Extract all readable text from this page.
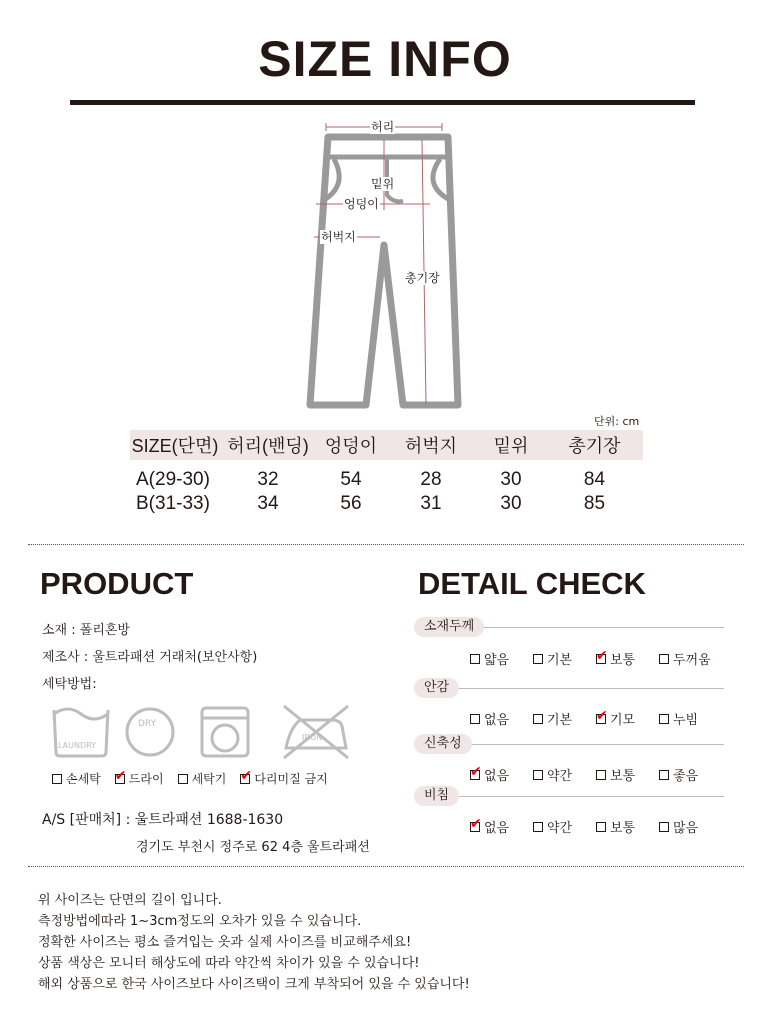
SIZE INFO
허리
밑위
엉덩이
허벅지
총기장
단위: cm
SIZE(단면) 허리(밴딩) 엉덩이	허벅지	밑위	총기장
A(29-30)	32	54	28	30	84
B(31-33)	34	56	31	30	85
PRODUCT
소재 : 폴리혼방
제조사 : 울트라패션 거래처(보안사항)
세탁방법:
LAUNDRY
DRY
IRON
손세탁 ✔ 드라이 세탁기 ✔ 다리미질 금지
A/S [판매처] : 울트라패션 1688-1630
경기도 부천시 정주로 62 4층 울트라패션
DETAIL CHECK
소재두께
얇음	기본 ✔ 보통	두꺼움
안감
없음	기본 ✔ 기모	누빔
신축성
✔ 없음	약간	보통	좋음
비침
✔ 없음	약간	보통	많음
위 사이즈는 단면의 길이 입니다.
측정방법에따라 1~3cm정도의 오차가 있을 수 있습니다.
정확한 사이즈는 평소 즐겨입는 옷과 실제 사이즈를 비교해주세요!
상품 색상은 모니터 해상도에 따라 약간씩 차이가 있을 수 있습니다!
해외 상품으로 한국 사이즈보다 사이즈택이 크게 부착되어 있을 수 있습니다!
